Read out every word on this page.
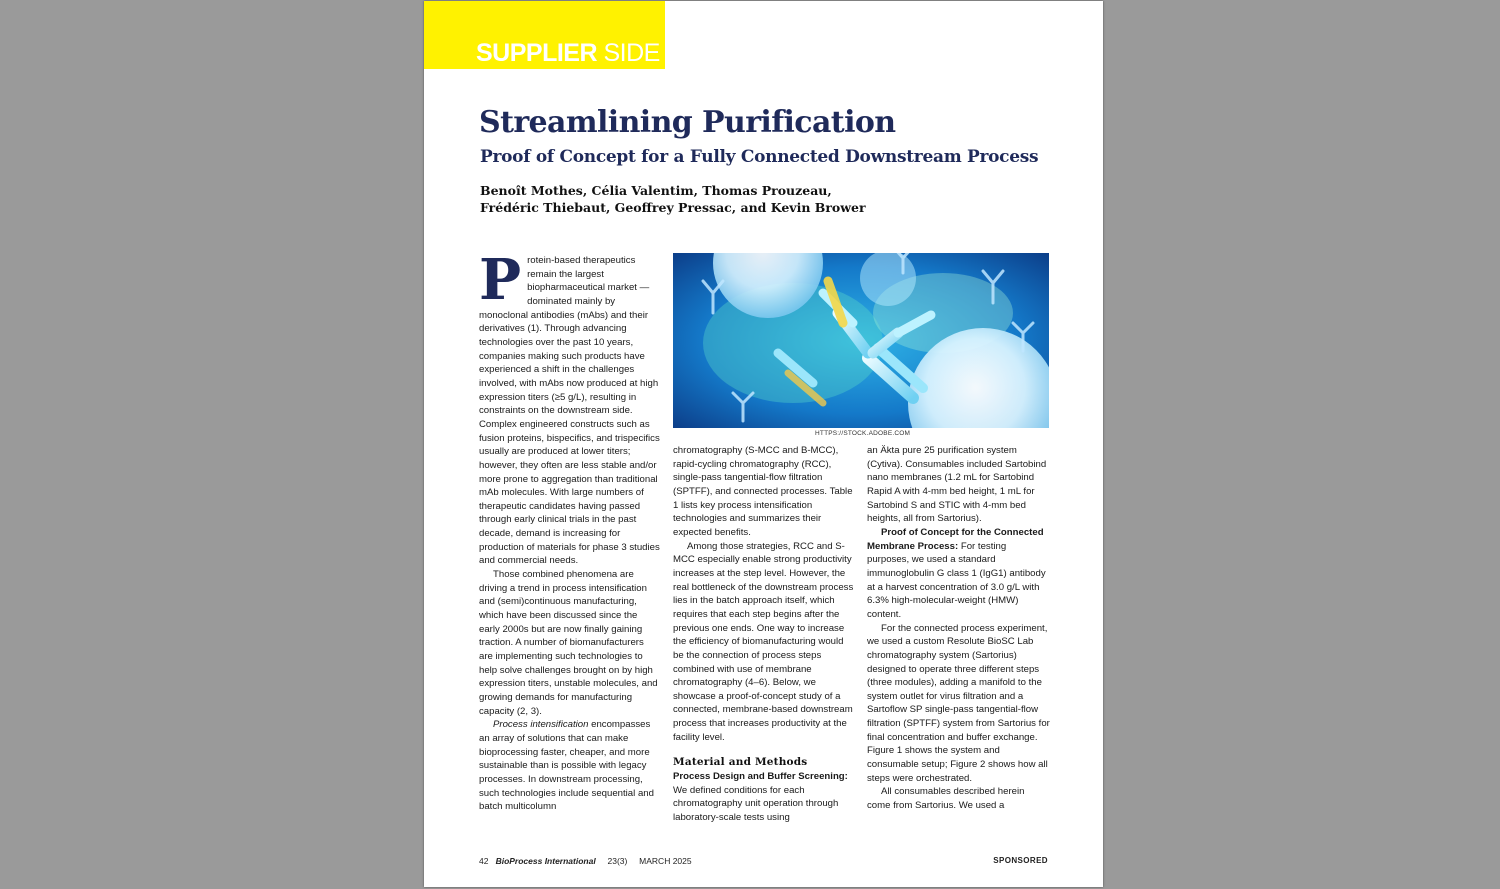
SUPPLIER SIDE
Streamlining Purification
Proof of Concept for a Fully Connected Downstream Process
Benoît Mothes, Célia Valentim, Thomas Prouzeau,
Frédéric Thiebaut, Geoffrey Pressac, and Kevin Brower
P rotein-based therapeutics remain the largest biopharmaceutical market — dominated mainly by monoclonal antibodies (mAbs) and their derivatives (1). Through advancing technologies over the past 10 years, companies making such products have experienced a shift in the challenges involved, with mAbs now produced at high expression titers (≥5 g/L), resulting in constraints on the downstream side. Complex engineered constructs such as fusion proteins, bispecifics, and trispecifics usually are produced at lower titers; however, they often are less stable and/or more prone to aggregation than traditional mAb molecules. With large numbers of therapeutic candidates having passed through early clinical trials in the past decade, demand is increasing for production of materials for phase 3 studies and commercial needs.

Those combined phenomena are driving a trend in process intensification and (semi)continuous manufacturing, which have been discussed since the early 2000s but are now finally gaining traction. A number of biomanufacturers are implementing such technologies to help solve challenges brought on by high expression titers, unstable molecules, and growing demands for manufacturing capacity (2, 3).

Process intensification encompasses an array of solutions that can make bioprocessing faster, cheaper, and more sustainable than is possible with legacy processes. In downstream processing, such technologies include sequential and batch multicolumn

HTTPS://STOCK.ADOBE.COM

chromatography (S-MCC and B-MCC), rapid-cycling chromatography (RCC), single-pass tangential-flow filtration (SPTFF), and connected processes. Table 1 lists key process intensification technologies and summarizes their expected benefits.

Among those strategies, RCC and S-MCC especially enable strong productivity increases at the step level. However, the real bottleneck of the downstream process lies in the batch approach itself, which requires that each step begins after the previous one ends. One way to increase the efficiency of biomanufacturing would be the connection of process steps combined with use of membrane chromatography (4–6). Below, we showcase a proof-of-concept study of a connected, membrane-based downstream process that increases productivity at the facility level.

Material and Methods

Process Design and Buffer Screening: We defined conditions for each chromatography unit operation through laboratory-scale tests using

an Äkta pure 25 purification system (Cytiva). Consumables included Sartobind nano membranes (1.2 mL for Sartobind Rapid A with 4-mm bed height, 1 mL for Sartobind S and STIC with 4-mm bed heights, all from Sartorius).

Proof of Concept for the Connected Membrane Process: For testing purposes, we used a standard immunoglobulin G class 1 (IgG1) antibody at a harvest concentration of 3.0 g/L with 6.3% high-molecular-weight (HMW) content.

For the connected process experiment, we used a custom Resolute BioSC Lab chromatography system (Sartorius) designed to operate three different steps (three modules), adding a manifold to the system outlet for virus filtration and a Sartoflow SP single-pass tangential-flow filtration (SPTFF) system from Sartorius for final concentration and buffer exchange. Figure 1 shows the system and consumable setup; Figure 2 shows how all steps were orchestrated.

All consumables described herein come from Sartorius. We used a

42 BioProcess International 23(3) MARCH 2025	SPONSORED
